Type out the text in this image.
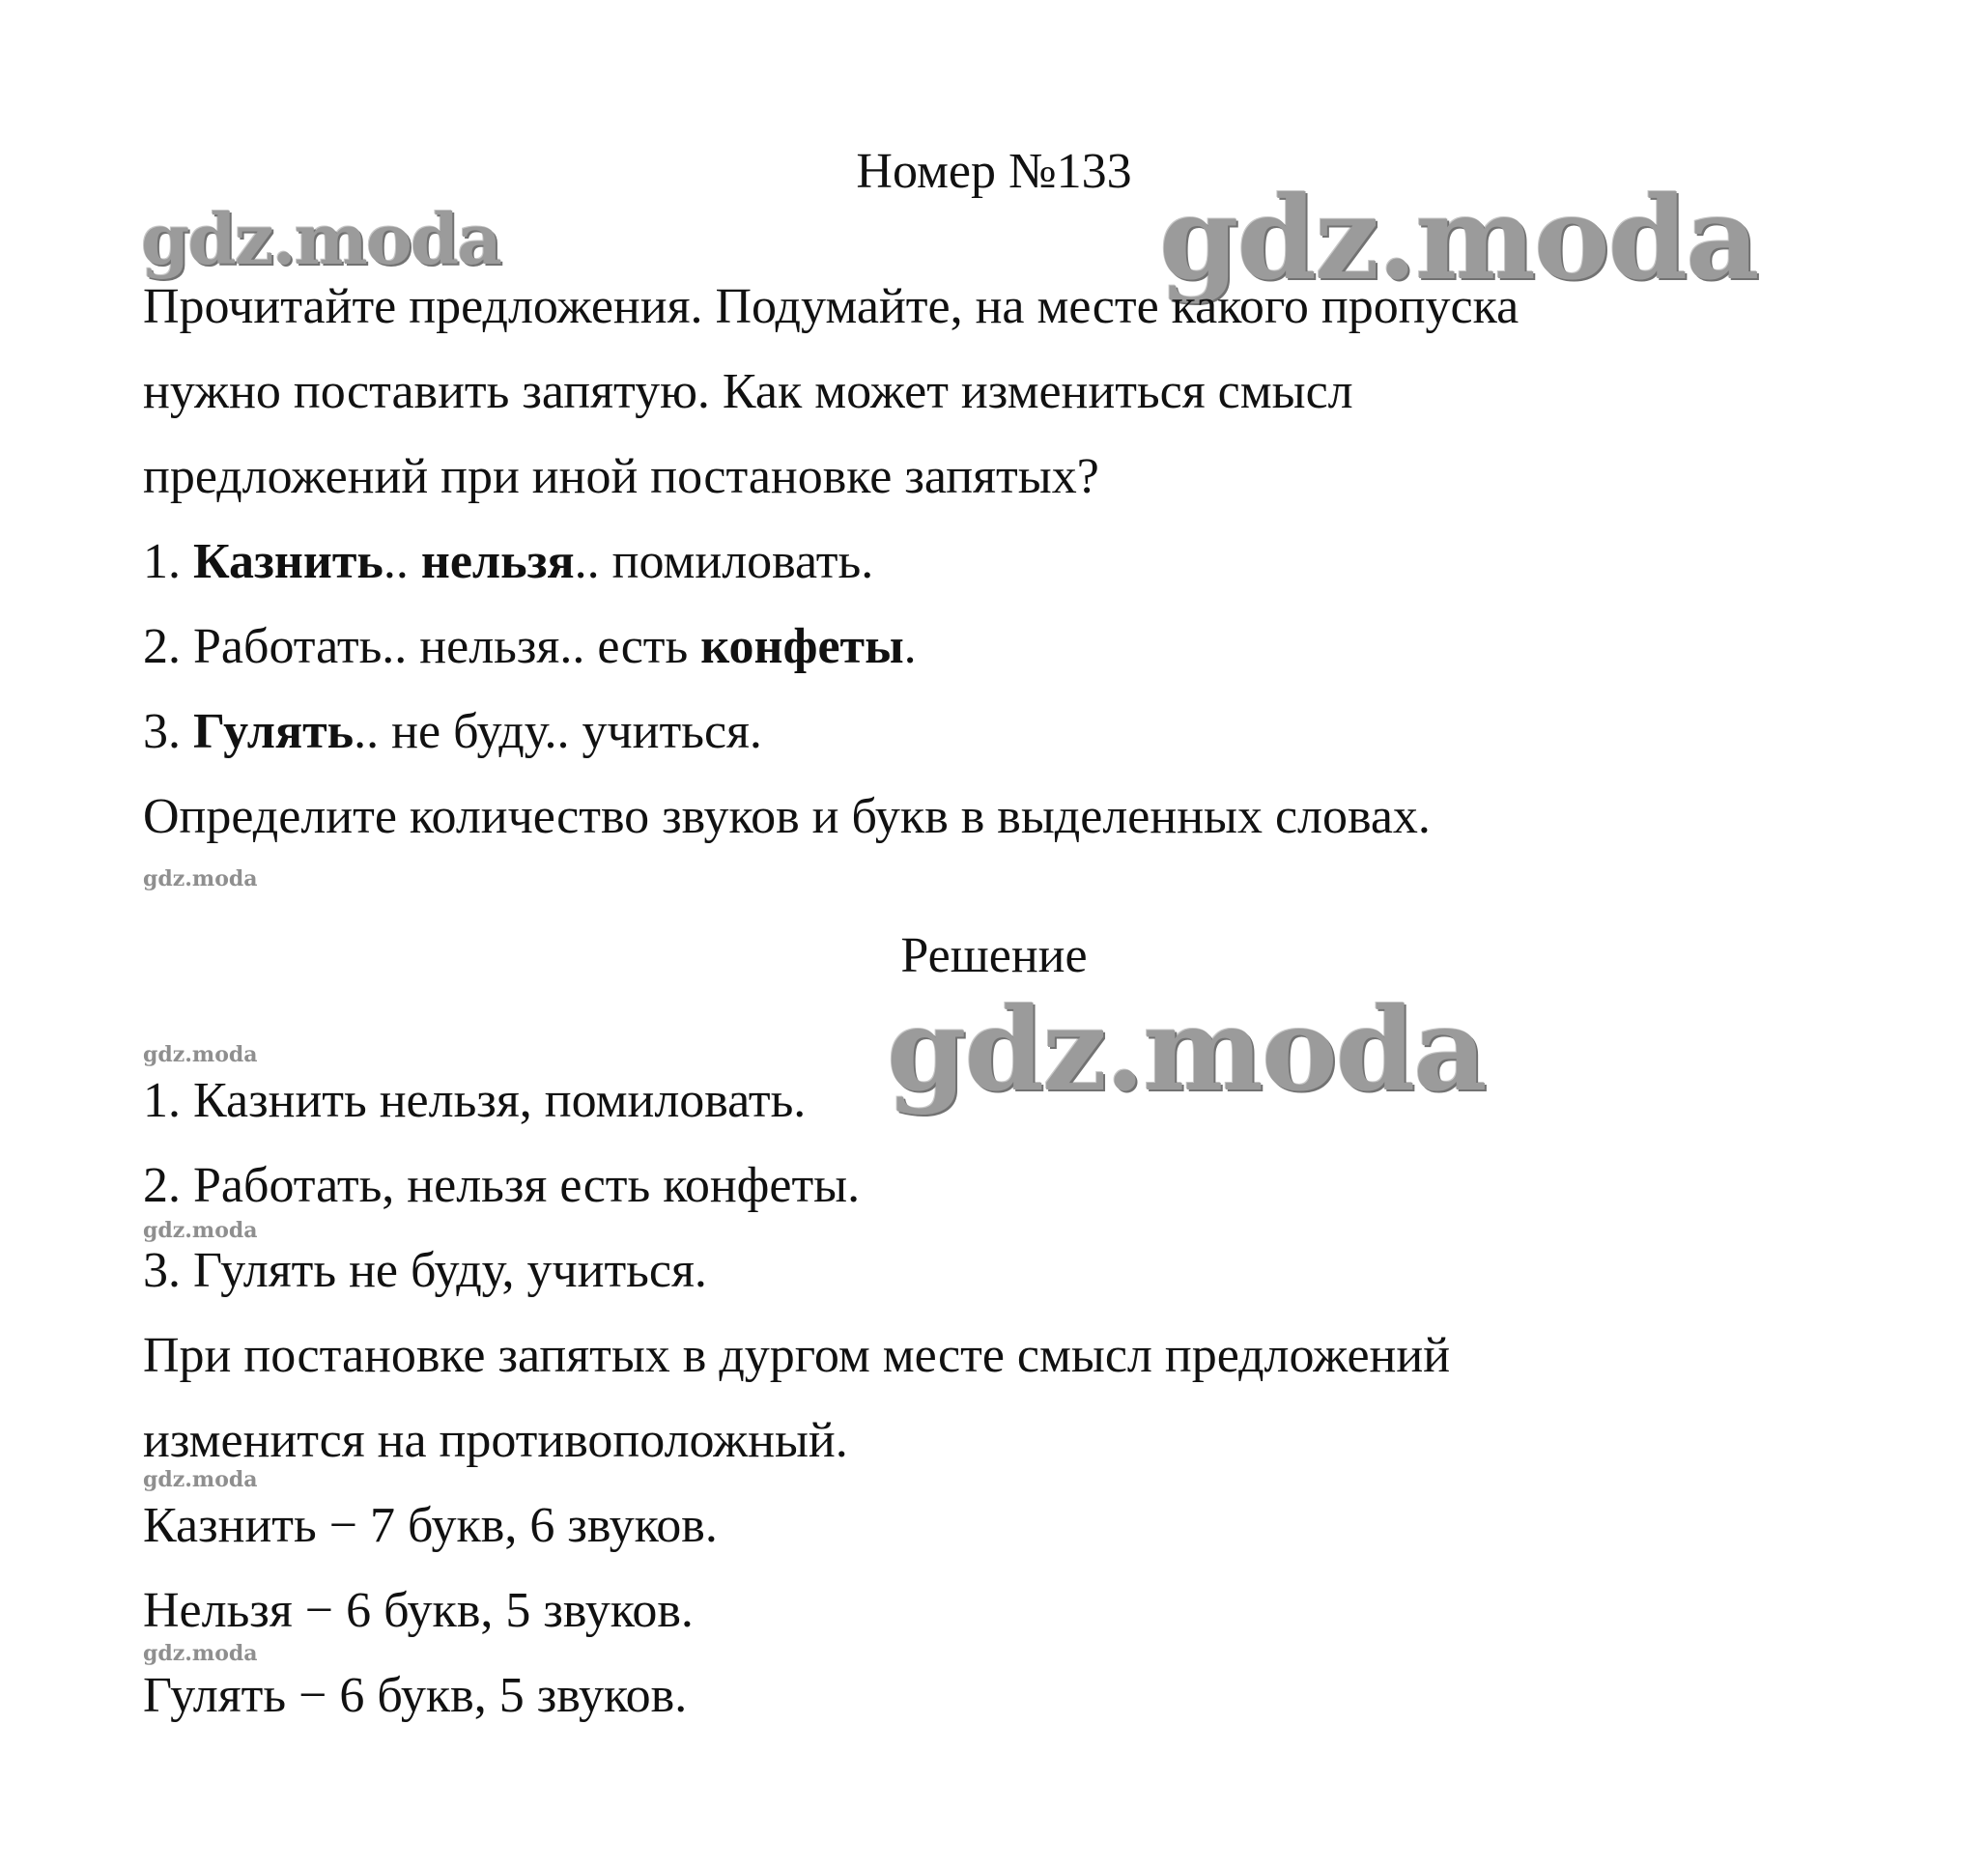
Номер №133
gdz.moda	gdz.moda
Прочитайте предложения. Подумайте, на месте какого пропуска
нужно поставить запятую. Как может измениться смысл
предложений при иной постановке запятых?
1. Казнить.. нельзя.. помиловать.
2. Работать.. нельзя.. есть конфеты.
3. Гулять.. не буду.. учиться.
Определите количество звуков и букв в выделенных словах.
gdz.moda
Решение
gdz.moda
gdz.moda
1. Казнить нельзя, помиловать.
2. Работать, нельзя есть конфеты.
gdz.moda
3. Гулять не буду, учиться.
При постановке запятых в дургом месте смысл предложений
изменится на противоположный.
gdz.moda
Казнить − 7 букв, 6 звуков.
Нельзя − 6 букв, 5 звуков.
gdz.moda
Гулять − 6 букв, 5 звуков.
